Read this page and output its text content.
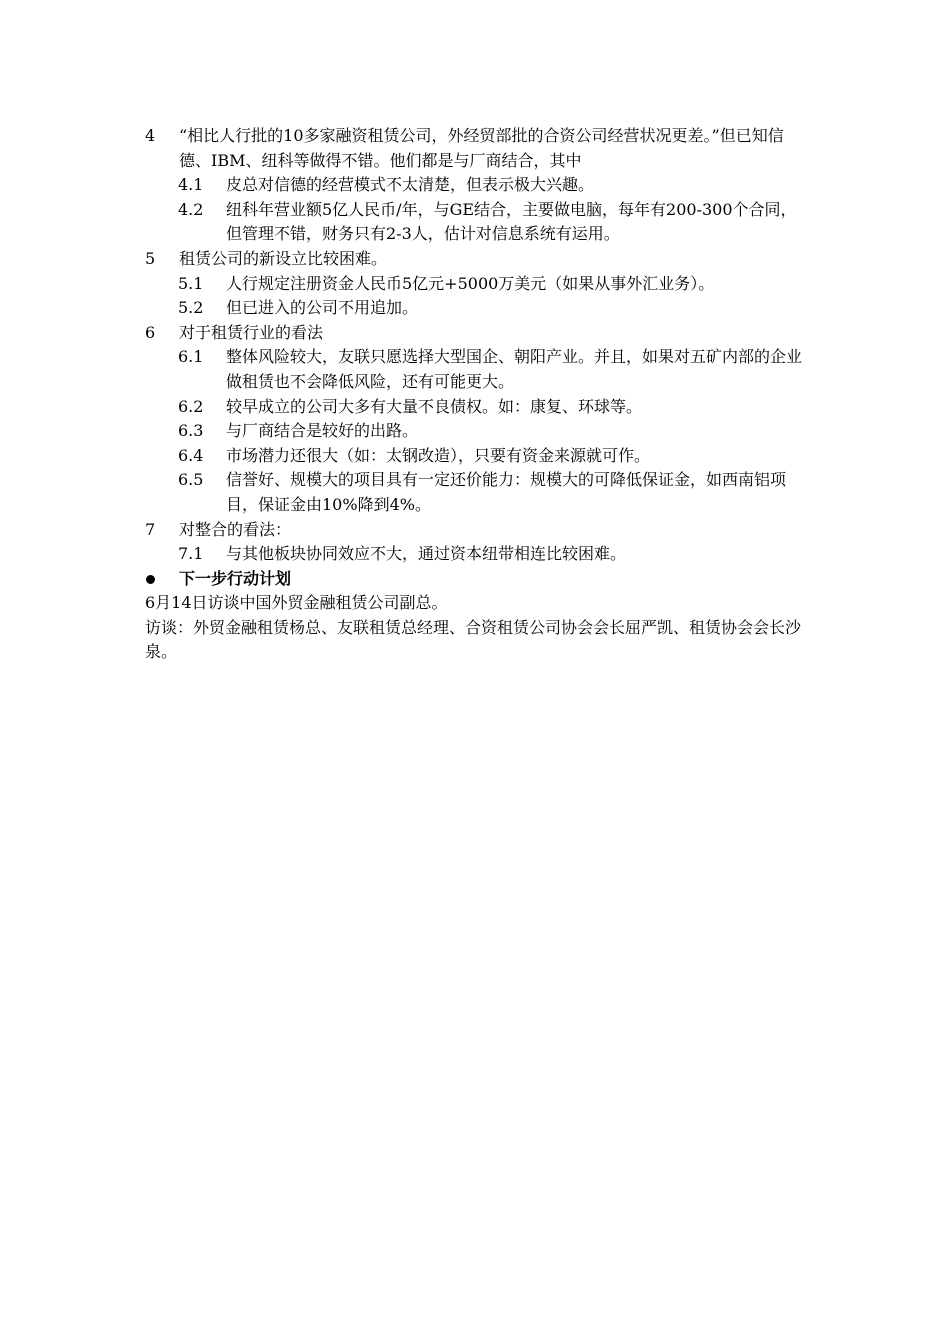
4 “相比人行批的10多家融资租赁公司，外经贸部批的合资公司经营状况更差。”但已知信德、IBM、纽科等做得不错。他们都是与厂商结合，其中
4.1 皮总对信德的经营模式不太清楚，但表示极大兴趣。
4.2 纽科年营业额5亿人民币/年，与GE结合，主要做电脑，每年有200-300个合同，但管理不错，财务只有2-3人，估计对信息系统有运用。
5 租赁公司的新设立比较困难。
5.1 人行规定注册资金人民币5亿元+5000万美元（如果从事外汇业务）。
5.2 但已进入的公司不用追加。
6 对于租赁行业的看法
6.1 整体风险较大，友联只愿选择大型国企、朝阳产业。并且，如果对五矿内部的企业做租赁也不会降低风险，还有可能更大。
6.2 较早成立的公司大多有大量不良债权。如：康复、环球等。
6.3 与厂商结合是较好的出路。
6.4 市场潜力还很大（如：太钢改造），只要有资金来源就可作。
6.5 信誉好、规模大的项目具有一定还价能力：规模大的可降低保证金，如西南铝项目，保证金由10%降到4%。
7 对整合的看法：
7.1 与其他板块协同效应不大，通过资本纽带相连比较困难。
下一步行动计划
6月14日访谈中国外贸金融租赁公司副总。
访谈：外贸金融租赁杨总、友联租赁总经理、合资租赁公司协会会长屈严凯、租赁协会会长沙泉。
